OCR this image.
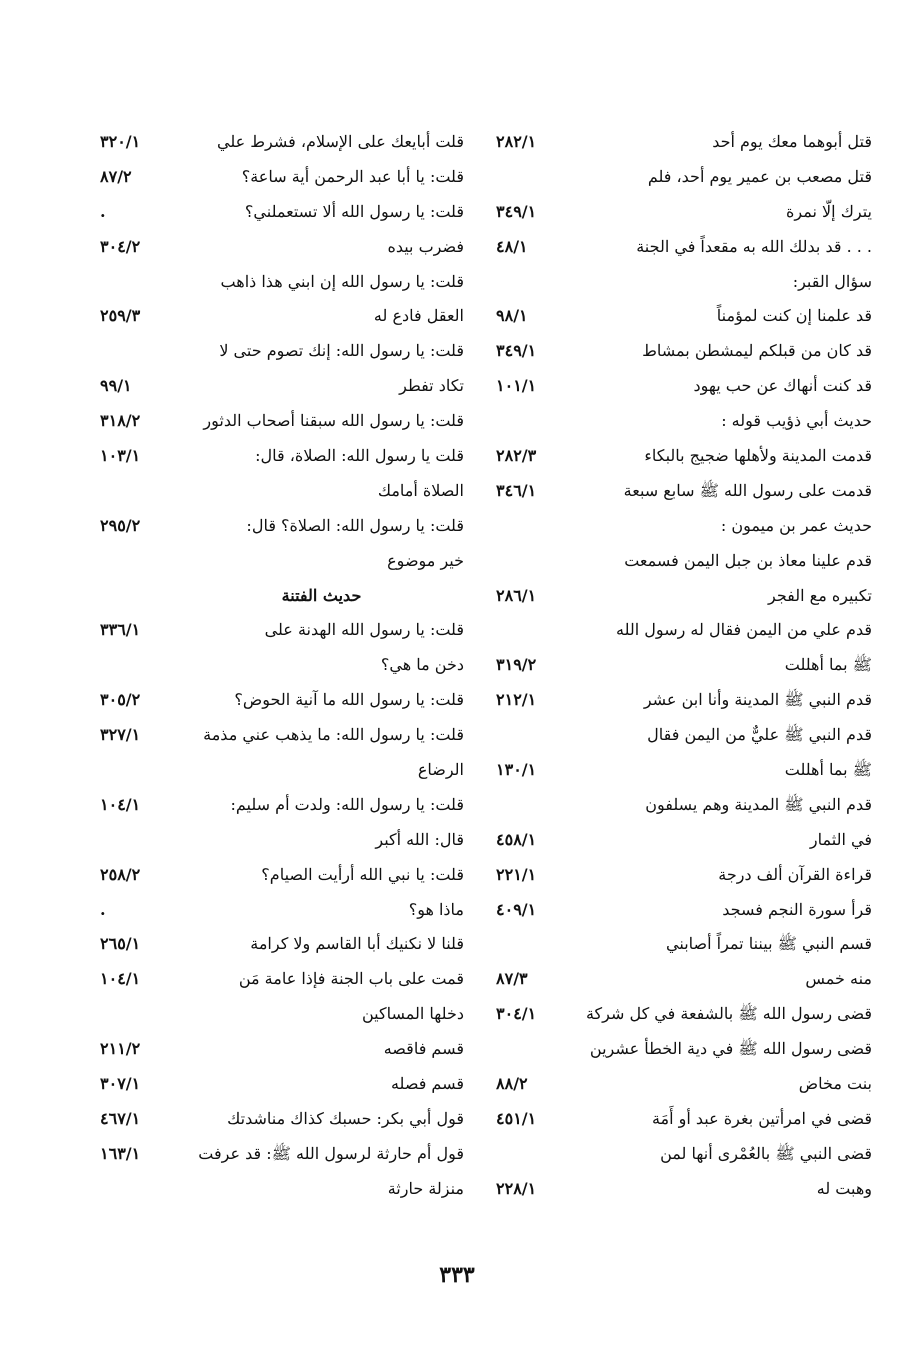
قتل أبوهما معك يوم أحد
٢٨٢/١
قتل مصعب بن عمير يوم أحد، فلم
يترك إلّا نمرة
٣٤٩/١
. . . قد بدلك الله به مقعداً في الجنة
٤٨/١
سؤال القبر:
قد علمنا إن كنت لمؤمناً
٩٨/١
قد كان من قبلكم ليمشطن بمشاط
٣٤٩/١
قد كنت أنهاك عن حب يهود
١٠١/١
حديث أبي ذؤيب قوله :
قدمت المدينة ولأهلها ضجيج بالبكاء
٢٨٢/٣
قدمت على رسول الله ﷺ سابع سبعة
٣٤٦/١
حديث عمر بن ميمون :
قدم علينا معاذ بن جبل اليمن فسمعت
تكبيره مع الفجر
٢٨٦/١
قدم علي من اليمن فقال له رسول الله
ﷺ بما أهللت
٣١٩/٢
قدم النبي ﷺ المدينة وأنا ابن عشر
٢١٢/١
قدم النبي ﷺ عليٌّ من اليمن فقال
ﷺ بما أهللت
١٣٠/١
قدم النبي ﷺ المدينة وهم يسلفون
في الثمار
٤٥٨/١
قراءة القرآن ألف درجة
٢٢١/١
قرأ سورة النجم فسجد
٤٠٩/١
قسم النبي ﷺ بيننا تمراً أصابني
منه خمس
٨٧/٣
قضى رسول الله ﷺ بالشفعة في كل شركة
٣٠٤/١
قضى رسول الله ﷺ في دية الخطأ عشرين
بنت مخاض
٨٨/٢
قضى في امرأتين بغرة عبد أو أَمَة
٤٥١/١
قضى النبي ﷺ بالعُمْرى أنها لمن
وهبت له
٢٢٨/١
قلت أبايعك على الإسلام، فشرط علي
٣٢٠/١
قلت: يا أبا عبد الرحمن أية ساعة؟
٨٧/٢
قلت: يا رسول الله ألا تستعملني؟
.
فضرب بيده
٣٠٤/٢
قلت: يا رسول الله إن ابني هذا ذاهب
العقل فادع له
٢٥٩/٣
قلت: يا رسول الله: إنك تصوم حتى لا
تكاد تفطر
٩٩/١
قلت: يا رسول الله سبقنا أصحاب الدثور
٣١٨/٢
قلت يا رسول الله: الصلاة، قال:
١٠٣/١
الصلاة أمامك
قلت: يا رسول الله: الصلاة؟ قال:
٢٩٥/٢
خير موضوع
حديث الفتنة
قلت: يا رسول الله الهدنة على
٣٣٦/١
دخن ما هي؟
قلت: يا رسول الله ما آنية الحوض؟
٣٠٥/٢
قلت: يا رسول الله: ما يذهب عني مذمة
٣٢٧/١
الرضاع
قلت: يا رسول الله: ولدت أم سليم:
١٠٤/١
قال: الله أكبر
قلت: يا نبي الله أرأيت الصيام؟
٢٥٨/٢
ماذا هو؟
.
قلنا لا نكنيك أبا القاسم ولا كرامة
٢٦٥/١
قمت على باب الجنة فإذا عامة مَن
١٠٤/١
دخلها المساكين
قسم فاقصه
٢١١/٢
قسم فصله
٣٠٧/١
قول أبي بكر: حسبك كذاك مناشدتك
٤٦٧/١
قول أم حارثة لرسول الله ﷺ: قد عرفت
١٦٣/١
منزلة حارثة
٣٣٣
